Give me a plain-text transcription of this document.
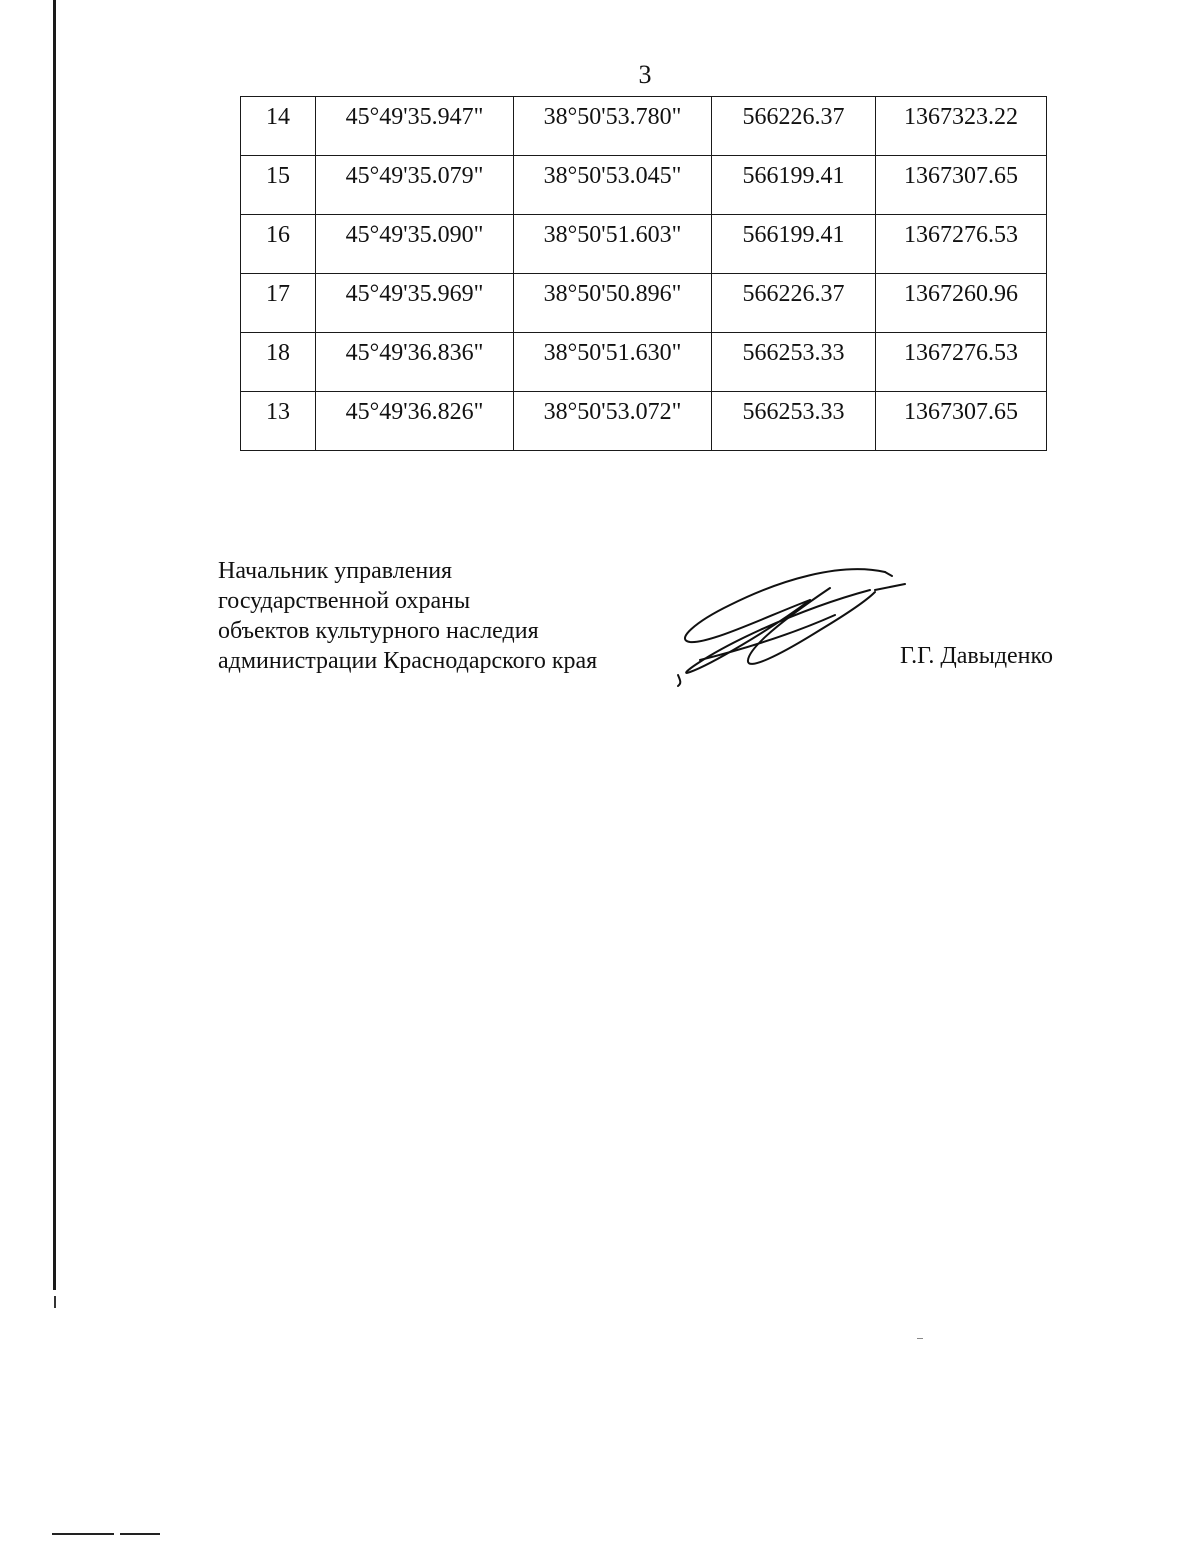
3
14	45°49'35.947"	38°50'53.780"	566226.37	1367323.22

15	45°49'35.079"	38°50'53.045"	566199.41	1367307.65

16	45°49'35.090"	38°50'51.603"	566199.41	1367276.53

17	45°49'35.969"	38°50'50.896"	566226.37	1367260.96

18	45°49'36.836"	38°50'51.630"	566253.33	1367276.53

13	45°49'36.826"	38°50'53.072"	566253.33	1367307.65
Начальник управления
государственной охраны
объектов культурного наследия
администрации Краснодарского края	Г.Г. Давыденко
